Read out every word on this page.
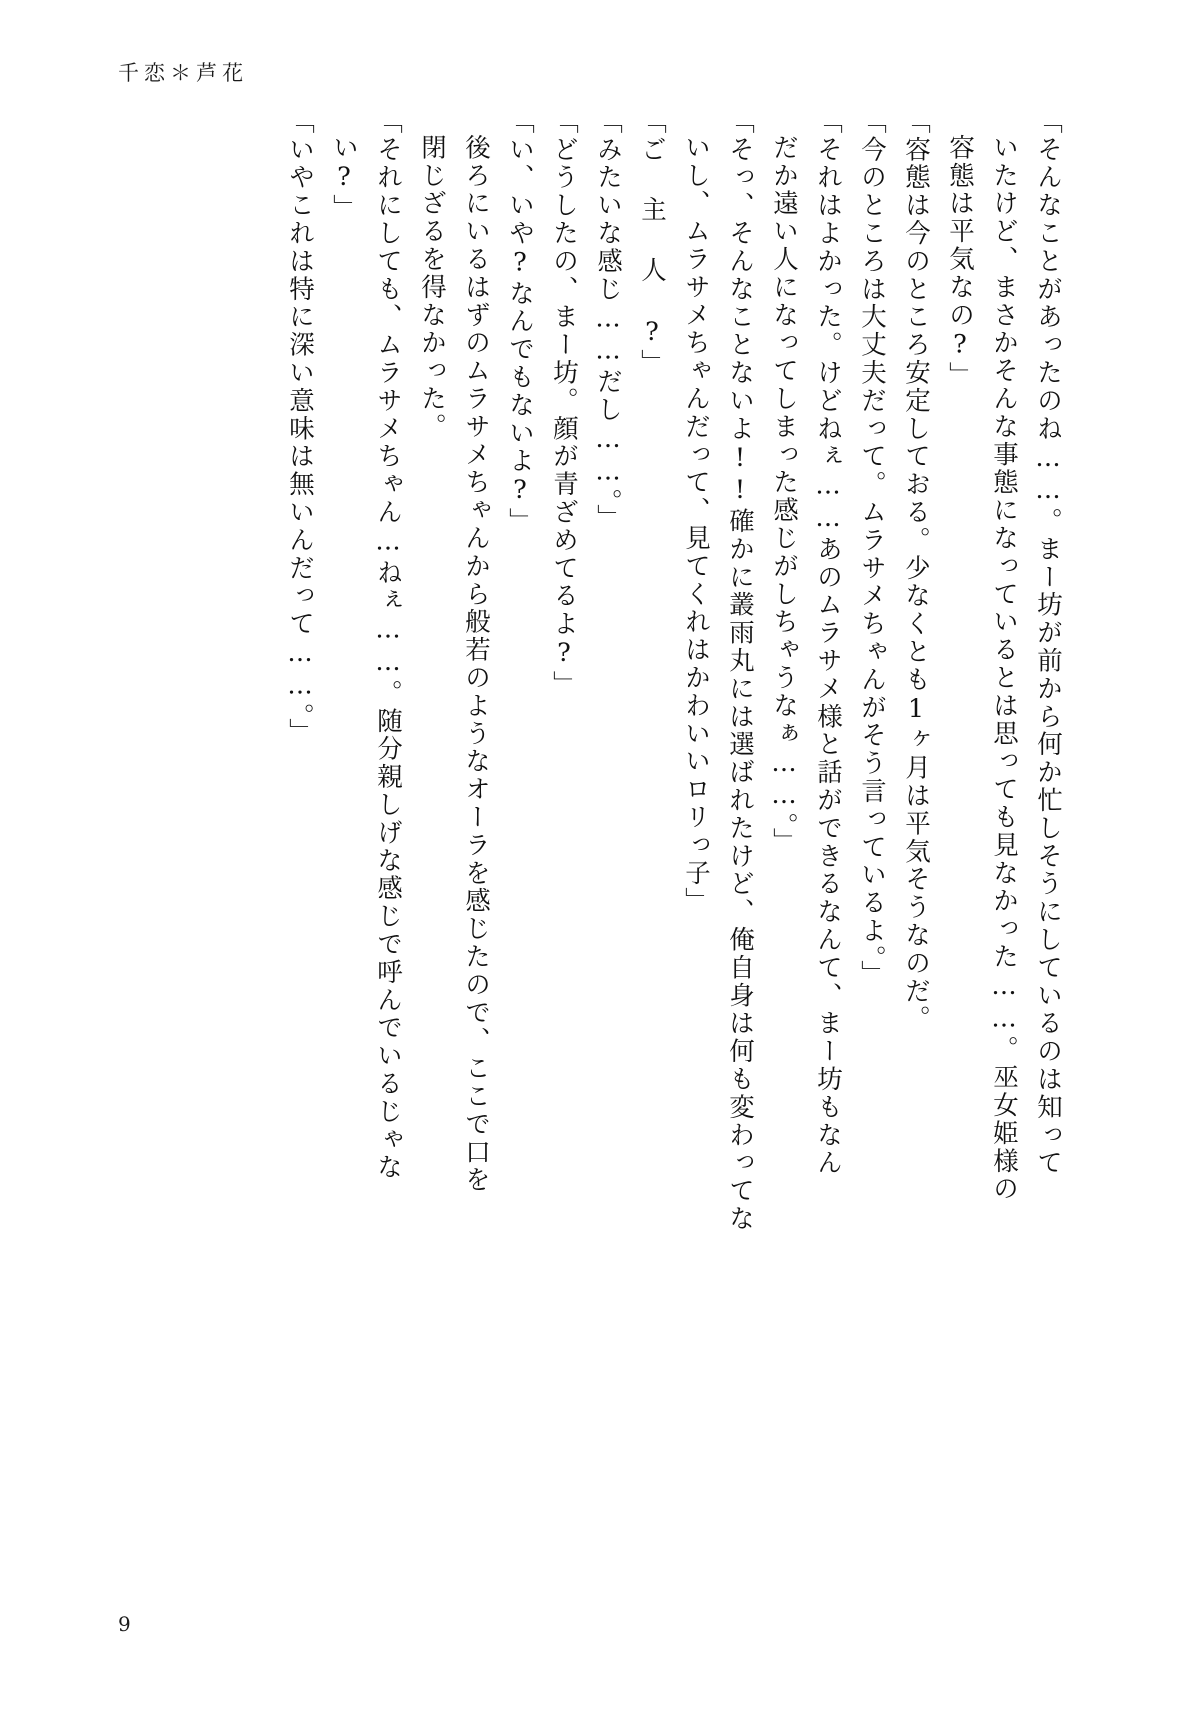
千恋＊芦花
「そんなことがあったのね……。まー坊が前から何か忙しそうにしているのは知って
いたけど、まさかそんな事態になっているとは思っても見なかった……。巫女姫様の
容態は平気なの?」
「容態は今のところ安定しておる。少なくとも1ヶ月は平気そうなのだ。
「今のところは大丈夫だって。ムラサメちゃんがそう言っているよ。」
「それはよかった。けどねぇ……あのムラサメ様と話ができるなんて、まー坊もなん
だか遠い人になってしまった感じがしちゃうなぁ……。」
「そっ、そんなことないよ!!確かに叢雨丸には選ばれたけど、俺自身は何も変わってな
いし、ムラサメちゃんだって、見てくれはかわいいロリっ子」
「ご 主 人 ?」
「みたいな感じ……だし……。」
「どうしたの、まー坊。顔が青ざめてるよ?」
「い、いや?なんでもないよ?」
後ろにいるはずのムラサメちゃんから般若のようなオーラを感じたので、ここで口を
閉じざるを得なかった。
「それにしても、ムラサメちゃん…ねぇ……。随分親しげな感じで呼んでいるじゃな
い?」
「いやこれは特に深い意味は無いんだって……。」
9
